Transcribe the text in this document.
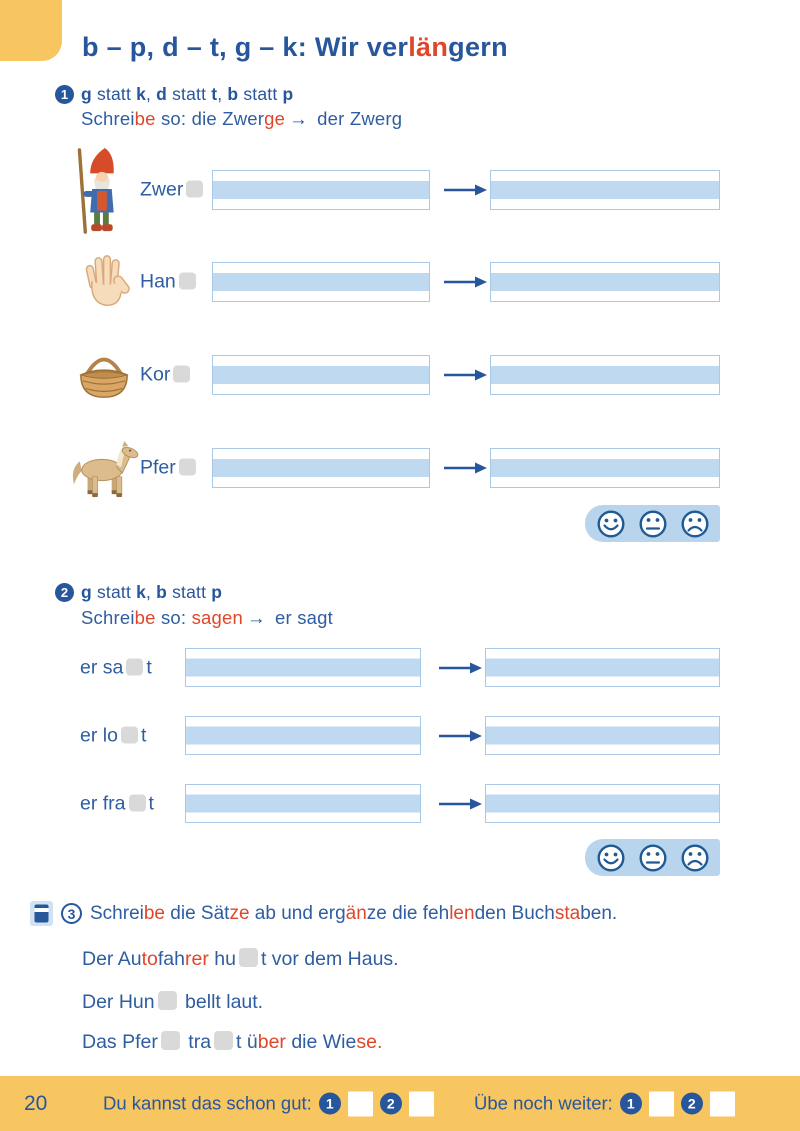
b – p, d – t, g – k: Wir verlängern
1 g statt k, d statt t, b statt p
Schreibe so: die Zwerge → der Zwerg
Zwer
Han
Kor
Pfer
2 g statt k, b statt p
Schreibe so: sagen → er sagt
er sa t
er lo t
er fra t
3 Schreibe die Sätze ab und ergänze die fehlenden Buchstaben.
Der Autofahrer hu t vor dem Haus.
Der Hun bellt laut.
Das Pfer tra t über die Wiese.
20	Du kannst das schon gut:	1	2	Übe noch weiter:	1	2
